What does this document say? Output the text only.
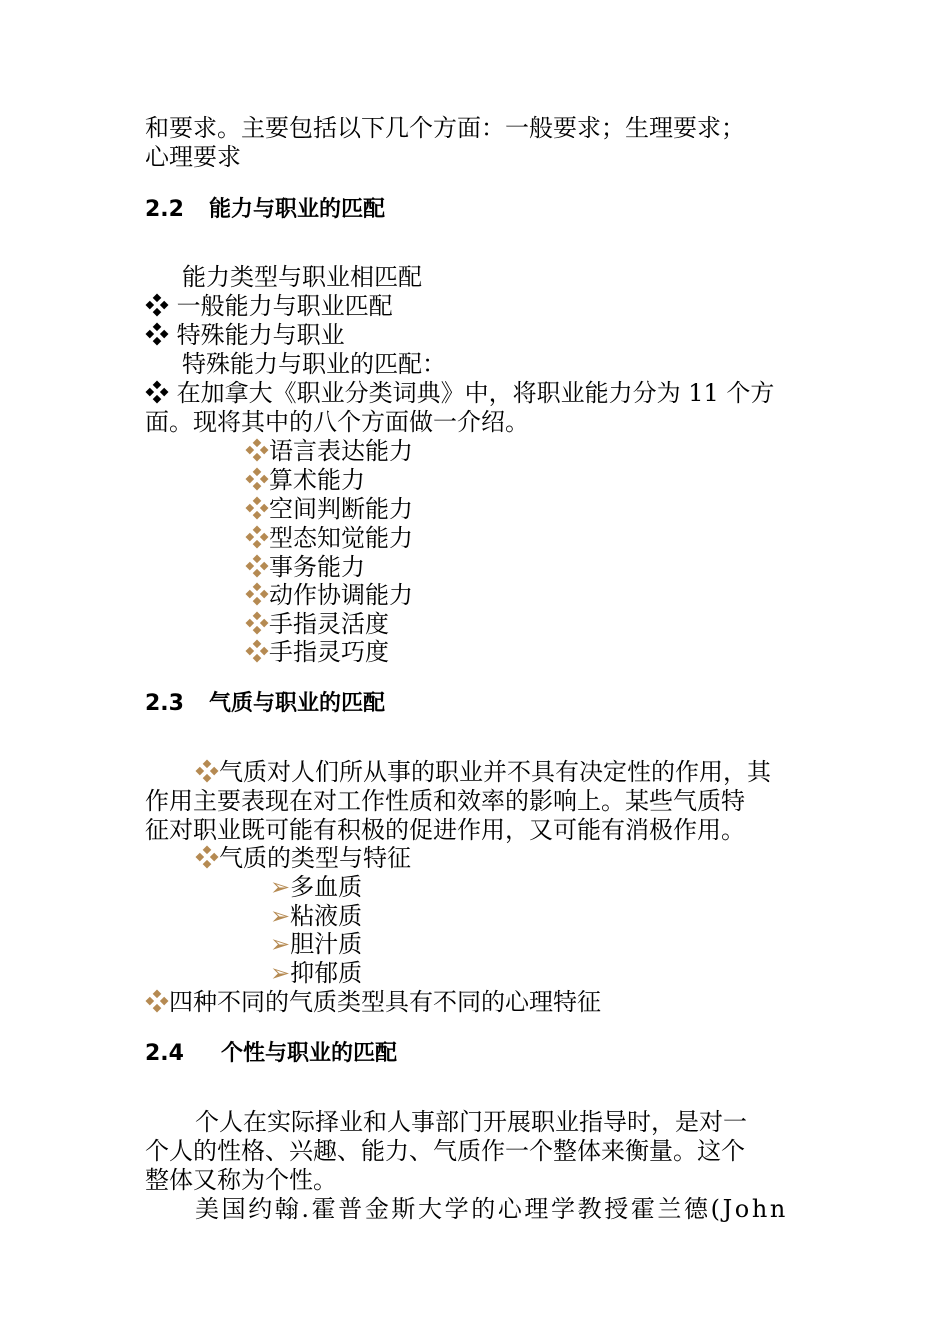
和要求。主要包括以下几个方面：一般要求；生理要求；
心理要求
2.2 能力与职业的匹配
能力类型与职业相匹配
❖ 一般能力与职业匹配
❖ 特殊能力与职业
特殊能力与职业的匹配：
❖ 在加拿大《职业分类词典》中，将职业能力分为 11 个方
面。现将其中的八个方面做一介绍。
❖语言表达能力
❖算术能力
❖空间判断能力
❖型态知觉能力
❖事务能力
❖动作协调能力
❖手指灵活度
❖手指灵巧度
2.3 气质与职业的匹配
❖气质对人们所从事的职业并不具有决定性的作用，其
作用主要表现在对工作性质和效率的影响上。某些气质特
征对职业既可能有积极的促进作用，又可能有消极作用。
❖气质的类型与特征
➢多血质
➢粘液质
➢胆汁质
➢抑郁质
❖四种不同的气质类型具有不同的心理特征
2.4 个性与职业的匹配
个人在实际择业和人事部门开展职业指导时，是对一
个人的性格、兴趣、能力、气质作一个整体来衡量。这个
整体又称为个性。
美国约翰.霍普金斯大学的心理学教授霍兰德(John
